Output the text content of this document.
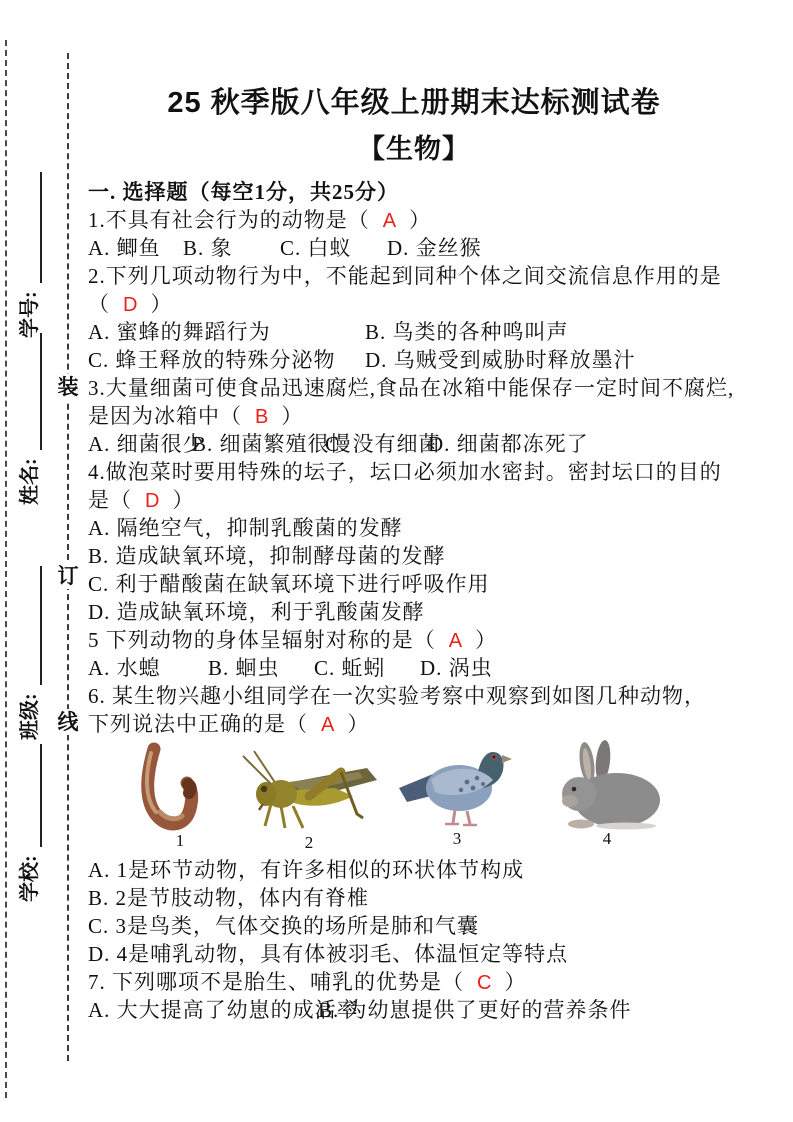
学号:
姓名:
班级:
学校:
装
订
线
25 秋季版八年级上册期末达标测试卷
【生物】
一. 选择题（每空1分，共25分）
1.不具有社会行为的动物是（ A ）
A. 鲫鱼	B. 象	C. 白蚁	D. 金丝猴
2.下列几项动物行为中，不能起到同种个体之间交流信息作用的是
（ D ）
A. 蜜蜂的舞蹈行为	B. 鸟类的各种鸣叫声
C. 蜂王释放的特殊分泌物	D. 乌贼受到威胁时释放墨汁
3.大量细菌可使食品迅速腐烂,食品在冰箱中能保存一定时间不腐烂,
是因为冰箱中（ B ）
A. 细菌很少
B. 细菌繁殖很慢
C. 没有细菌
D. 细菌都冻死了
4.做泡菜时要用特殊的坛子，坛口必须加水密封。密封坛口的目的
是（ D ）
A. 隔绝空气，抑制乳酸菌的发酵
B. 造成缺氧环境，抑制酵母菌的发酵
C. 利于醋酸菌在缺氧环境下进行呼吸作用
D. 造成缺氧环境，利于乳酸菌发酵
5 下列动物的身体呈辐射对称的是（ A ）
A. 水螅	B. 蛔虫	C. 蚯蚓	D. 涡虫
6. 某生物兴趣小组同学在一次实验考察中观察到如图几种动物，
下列说法中正确的是（ A ）
1	2	3	4
A. 1是环节动物，有许多相似的环状体节构成
B. 2是节肢动物，体内有脊椎
C. 3是鸟类，气体交换的场所是肺和气囊
D. 4是哺乳动物，具有体被羽毛、体温恒定等特点
7. 下列哪项不是胎生、哺乳的优势是（ C ）
A. 大大提高了幼崽的成活率
B. 为幼崽提供了更好的营养条件
